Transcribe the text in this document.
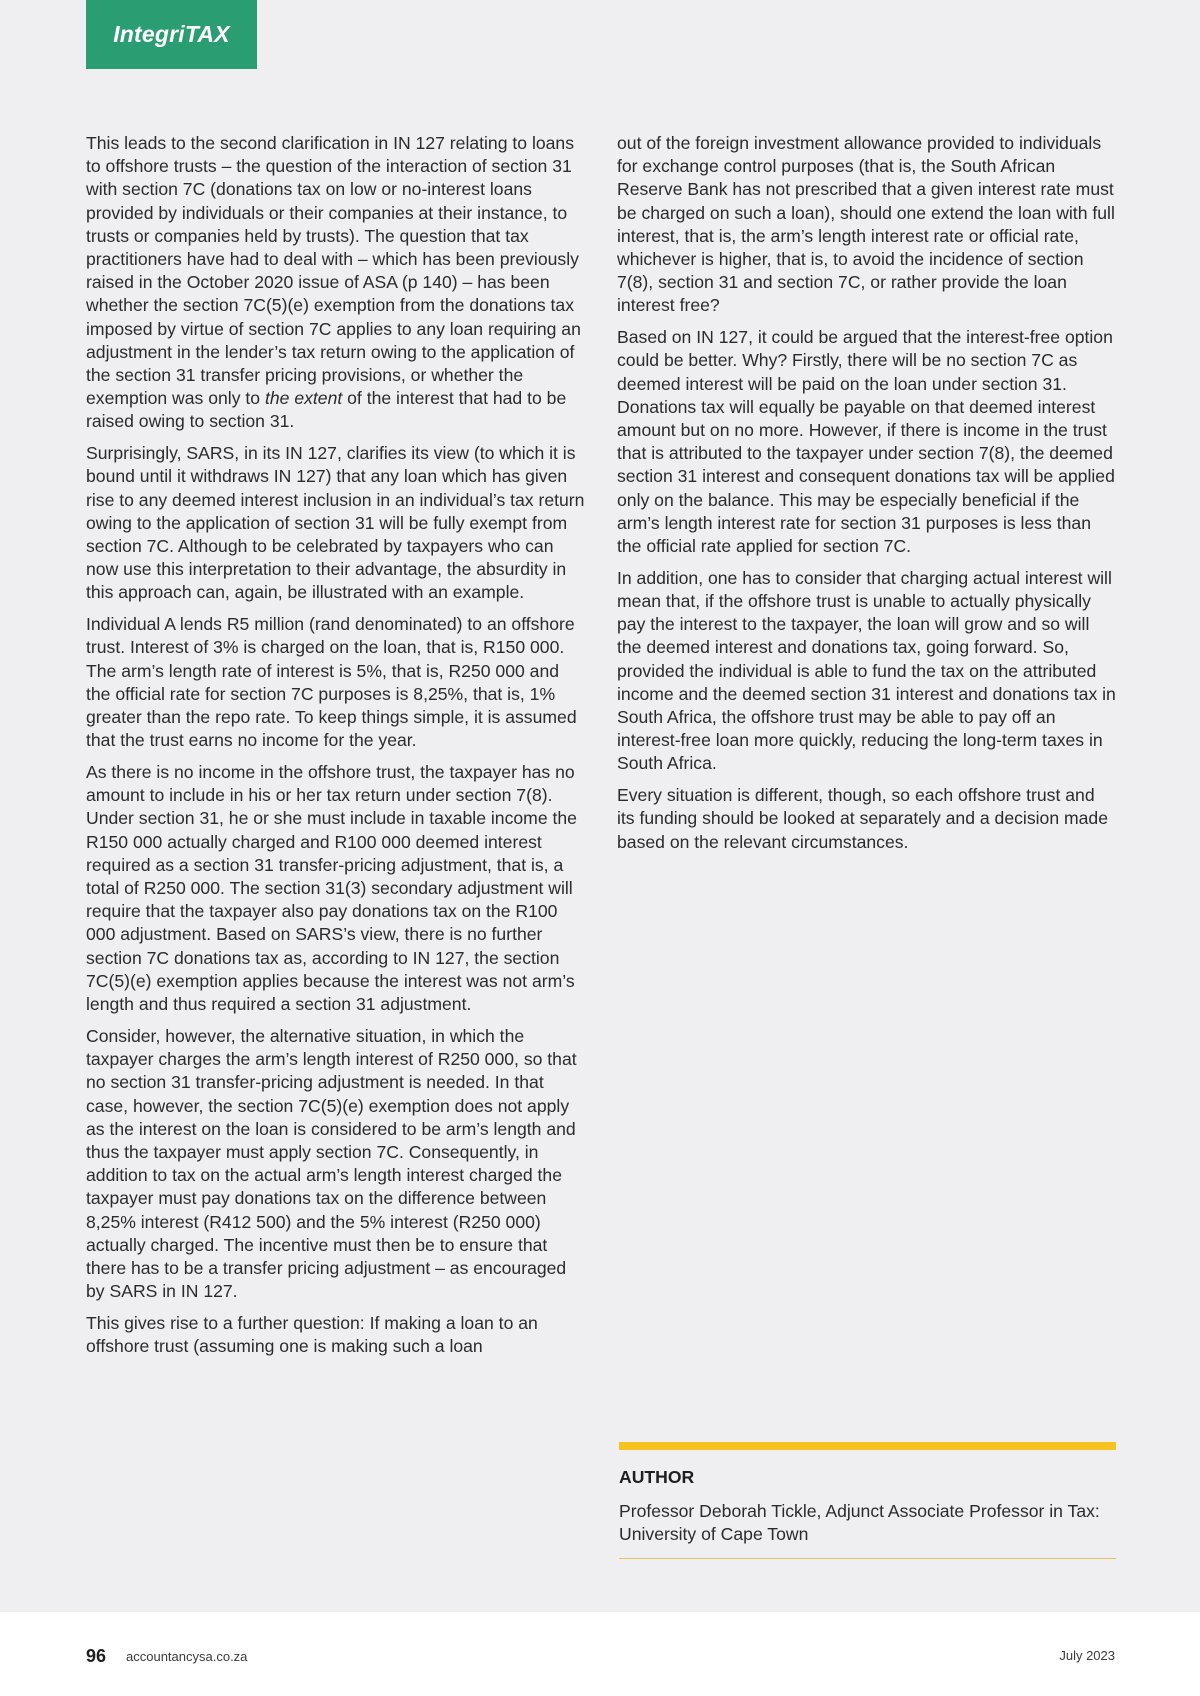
IntegriTAX

This leads to the second clarification in IN 127 relating to loans to offshore trusts – the question of the interaction of section 31 with section 7C (donations tax on low or no-interest loans provided by individuals or their companies at their instance, to trusts or companies held by trusts). The question that tax practitioners have had to deal with – which has been previously raised in the October 2020 issue of ASA (p 140) – has been whether the section 7C(5)(e) exemption from the donations tax imposed by virtue of section 7C applies to any loan requiring an adjustment in the lender’s tax return owing to the application of the section 31 transfer pricing provisions, or whether the exemption was only to the extent of the interest that had to be raised owing to section 31.

Surprisingly, SARS, in its IN 127, clarifies its view (to which it is bound until it withdraws IN 127) that any loan which has given rise to any deemed interest inclusion in an individual’s tax return owing to the application of section 31 will be fully exempt from section 7C. Although to be celebrated by taxpayers who can now use this interpretation to their advantage, the absurdity in this approach can, again, be illustrated with an example.

Individual A lends R5 million (rand denominated) to an offshore trust. Interest of 3% is charged on the loan, that is, R150 000. The arm’s length rate of interest is 5%, that is, R250 000 and the official rate for section 7C purposes is 8,25%, that is, 1% greater than the repo rate. To keep things simple, it is assumed that the trust earns no income for the year.

As there is no income in the offshore trust, the taxpayer has no amount to include in his or her tax return under section 7(8). Under section 31, he or she must include in taxable income the R150 000 actually charged and R100 000 deemed interest required as a section 31 transfer-pricing adjustment, that is, a total of R250 000. The section 31(3) secondary adjustment will require that the taxpayer also pay donations tax on the R100 000 adjustment. Based on SARS’s view, there is no further section 7C donations tax as, according to IN 127, the section 7C(5)(e) exemption applies because the interest was not arm’s length and thus required a section 31 adjustment.

Consider, however, the alternative situation, in which the taxpayer charges the arm’s length interest of R250 000, so that no section 31 transfer-pricing adjustment is needed. In that case, however, the section 7C(5)(e) exemption does not apply as the interest on the loan is considered to be arm’s length and thus the taxpayer must apply section 7C. Consequently, in addition to tax on the actual arm’s length interest charged the taxpayer must pay donations tax on the difference between 8,25% interest (R412 500) and the 5% interest (R250 000) actually charged. The incentive must then be to ensure that there has to be a transfer pricing adjustment – as encouraged by SARS in IN 127.

This gives rise to a further question: If making a loan to an offshore trust (assuming one is making such a loan

out of the foreign investment allowance provided to individuals for exchange control purposes (that is, the South African Reserve Bank has not prescribed that a given interest rate must be charged on such a loan), should one extend the loan with full interest, that is, the arm’s length interest rate or official rate, whichever is higher, that is, to avoid the incidence of section 7(8), section 31 and section 7C, or rather provide the loan interest free?

Based on IN 127, it could be argued that the interest-free option could be better. Why? Firstly, there will be no section 7C as deemed interest will be paid on the loan under section 31. Donations tax will equally be payable on that deemed interest amount but on no more. However, if there is income in the trust that is attributed to the taxpayer under section 7(8), the deemed section 31 interest and consequent donations tax will be applied only on the balance. This may be especially beneficial if the arm’s length interest rate for section 31 purposes is less than the official rate applied for section 7C.

In addition, one has to consider that charging actual interest will mean that, if the offshore trust is unable to actually physically pay the interest to the taxpayer, the loan will grow and so will the deemed interest and donations tax, going forward. So, provided the individual is able to fund the tax on the attributed income and the deemed section 31 interest and donations tax in South Africa, the offshore trust may be able to pay off an interest-free loan more quickly, reducing the long-term taxes in South Africa.

Every situation is different, though, so each offshore trust and its funding should be looked at separately and a decision made based on the relevant circumstances.

AUTHOR
Professor Deborah Tickle, Adjunct Associate Professor in Tax: University of Cape Town
96 accountancysa.co.za	July 2023
